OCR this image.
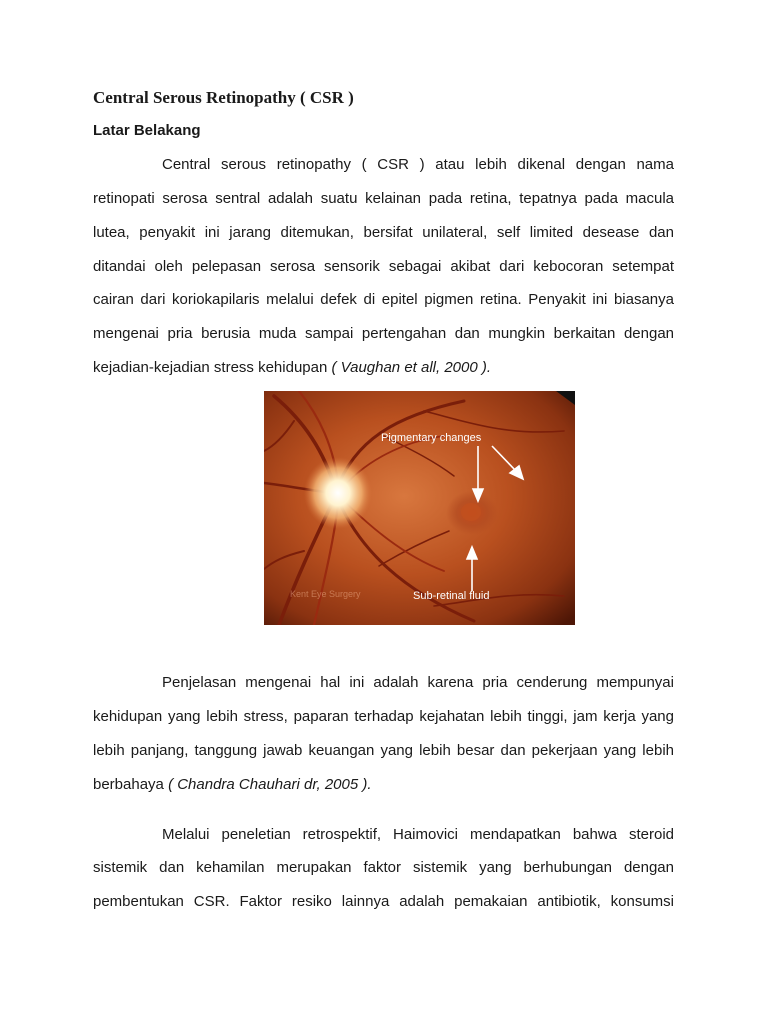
Central Serous Retinopathy ( CSR )
Latar Belakang
Central serous retinopathy ( CSR ) atau lebih dikenal dengan nama
retinopati serosa sentral adalah suatu kelainan pada retina, tepatnya pada macula
lutea, penyakit ini jarang ditemukan, bersifat unilateral, self limited desease dan
ditandai oleh pelepasan serosa sensorik sebagai akibat dari kebocoran setempat
cairan dari koriokapilaris melalui defek di epitel pigmen retina. Penyakit ini biasanya
mengenai pria berusia muda sampai pertengahan dan mungkin berkaitan dengan
kejadian-kejadian stress kehidupan ( Vaughan et all, 2000 ).
Pigmentary changes
Sub-retinal fluid
Kent Eye Surgery
Penjelasan mengenai hal ini adalah karena pria cenderung mempunyai
kehidupan yang lebih stress, paparan terhadap kejahatan lebih tinggi, jam kerja yang
lebih panjang, tanggung jawab keuangan yang lebih besar dan pekerjaan yang lebih
berbahaya ( Chandra Chauhari dr, 2005 ).
Melalui peneletian retrospektif, Haimovici mendapatkan bahwa steroid
sistemik dan kehamilan merupakan faktor sistemik yang berhubungan dengan
pembentukan CSR. Faktor resiko lainnya adalah pemakaian antibiotik, konsumsi
